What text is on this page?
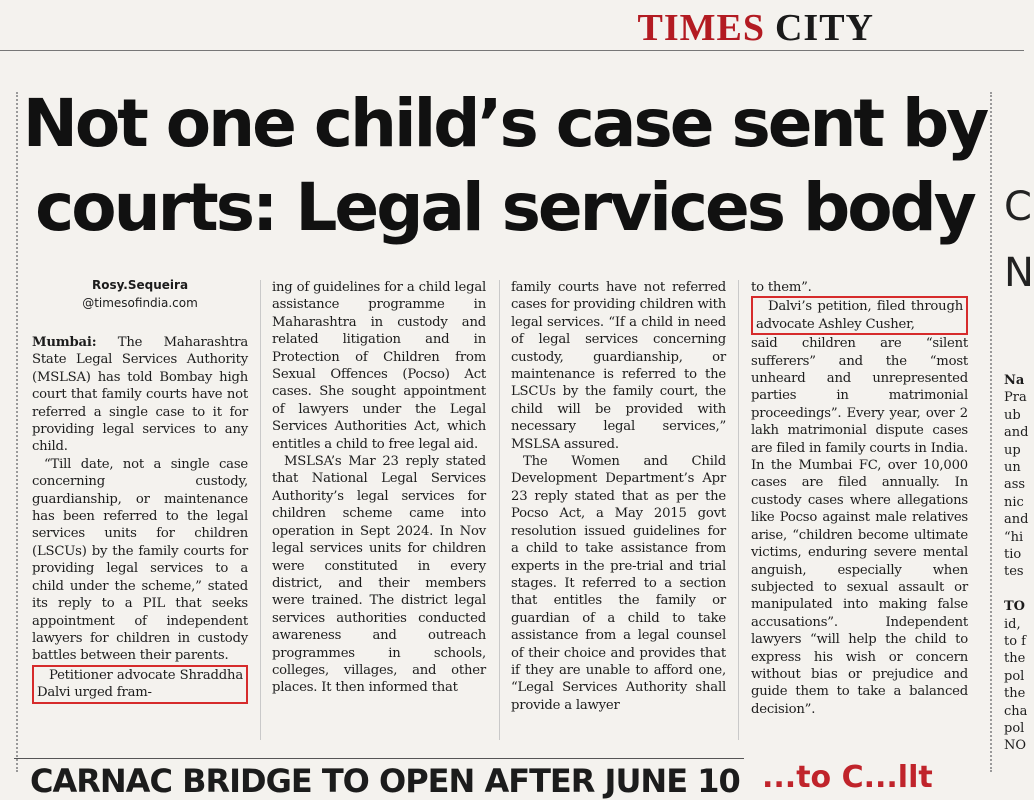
TIMES CITY
Not one child’s case sent by
courts: Legal services body
Rosy.Sequeira
@timesofindia.com

Mumbai: The Maharashtra State Legal Services Authority (MSLSA) has told Bombay high court that family courts have not referred a single case to it for providing legal services to any child.

“Till date, not a single case concerning custody, guardianship, or maintenance has been referred to the legal services units for children (LSCUs) by the family courts for providing legal services to a child under the scheme,” stated its reply to a PIL that seeks appointment of independent lawyers for children in custody battles between their parents.

Petitioner advocate Shraddha Dalvi urged fram-

ing of guidelines for a child legal assistance programme in Maharashtra in custody and related litigation and in Protection of Children from Sexual Offences (Pocso) Act cases. She sought appointment of lawyers under the Legal Services Authorities Act, which entitles a child to free legal aid.

MSLSA’s Mar 23 reply stated that National Legal Services Authority’s legal services for children scheme came into operation in Sept 2024. In Nov legal services units for children were constituted in every district, and their members were trained. The district legal services authorities conducted awareness and outreach programmes in schools, colleges, villages, and other places. It then informed that

family courts have not referred cases for providing children with legal services. “If a child in need of legal services concerning custody, guardianship, or maintenance is referred to the LSCUs by the family court, the child will be provided with necessary legal services,” MSLSA assured.

The Women and Child Development Department’s Apr 23 reply stated that as per the Pocso Act, a May 2015 govt resolution issued guidelines for a child to take assistance from experts in the pre-trial and trial stages. It referred to a section that entitles the family or guardian of a child to take assistance from a legal counsel of their choice and provides that if they are unable to afford one, “Legal Services Authority shall provide a lawyer

to them”.

Dalvi’s petition, filed through advocate Ashley Cusher,

said children are “silent sufferers” and the “most unheard and unrepresented parties in matrimonial proceedings”. Every year, over 2 lakh matrimonial dispute cases are filed in family courts in India. In the Mumbai FC, over 10,000 cases are filed annually. In custody cases where allegations like Pocso against male relatives arise, “children become ultimate victims, enduring severe mental anguish, especially when subjected to sexual assault or manipulated into making false accusations”. Independent lawyers “will help the child to express his wish or concern without bias or prejudice and guide them to take a balanced decision”.

CARNAC BRIDGE TO OPEN AFTER JUNE 10 ...to C...llt
C
N
Na
Pra
ub
and
up
un
ass
nic
and
“hi
tio
tes
TO
id,
to f
the
pol
the
cha
pol
NO
